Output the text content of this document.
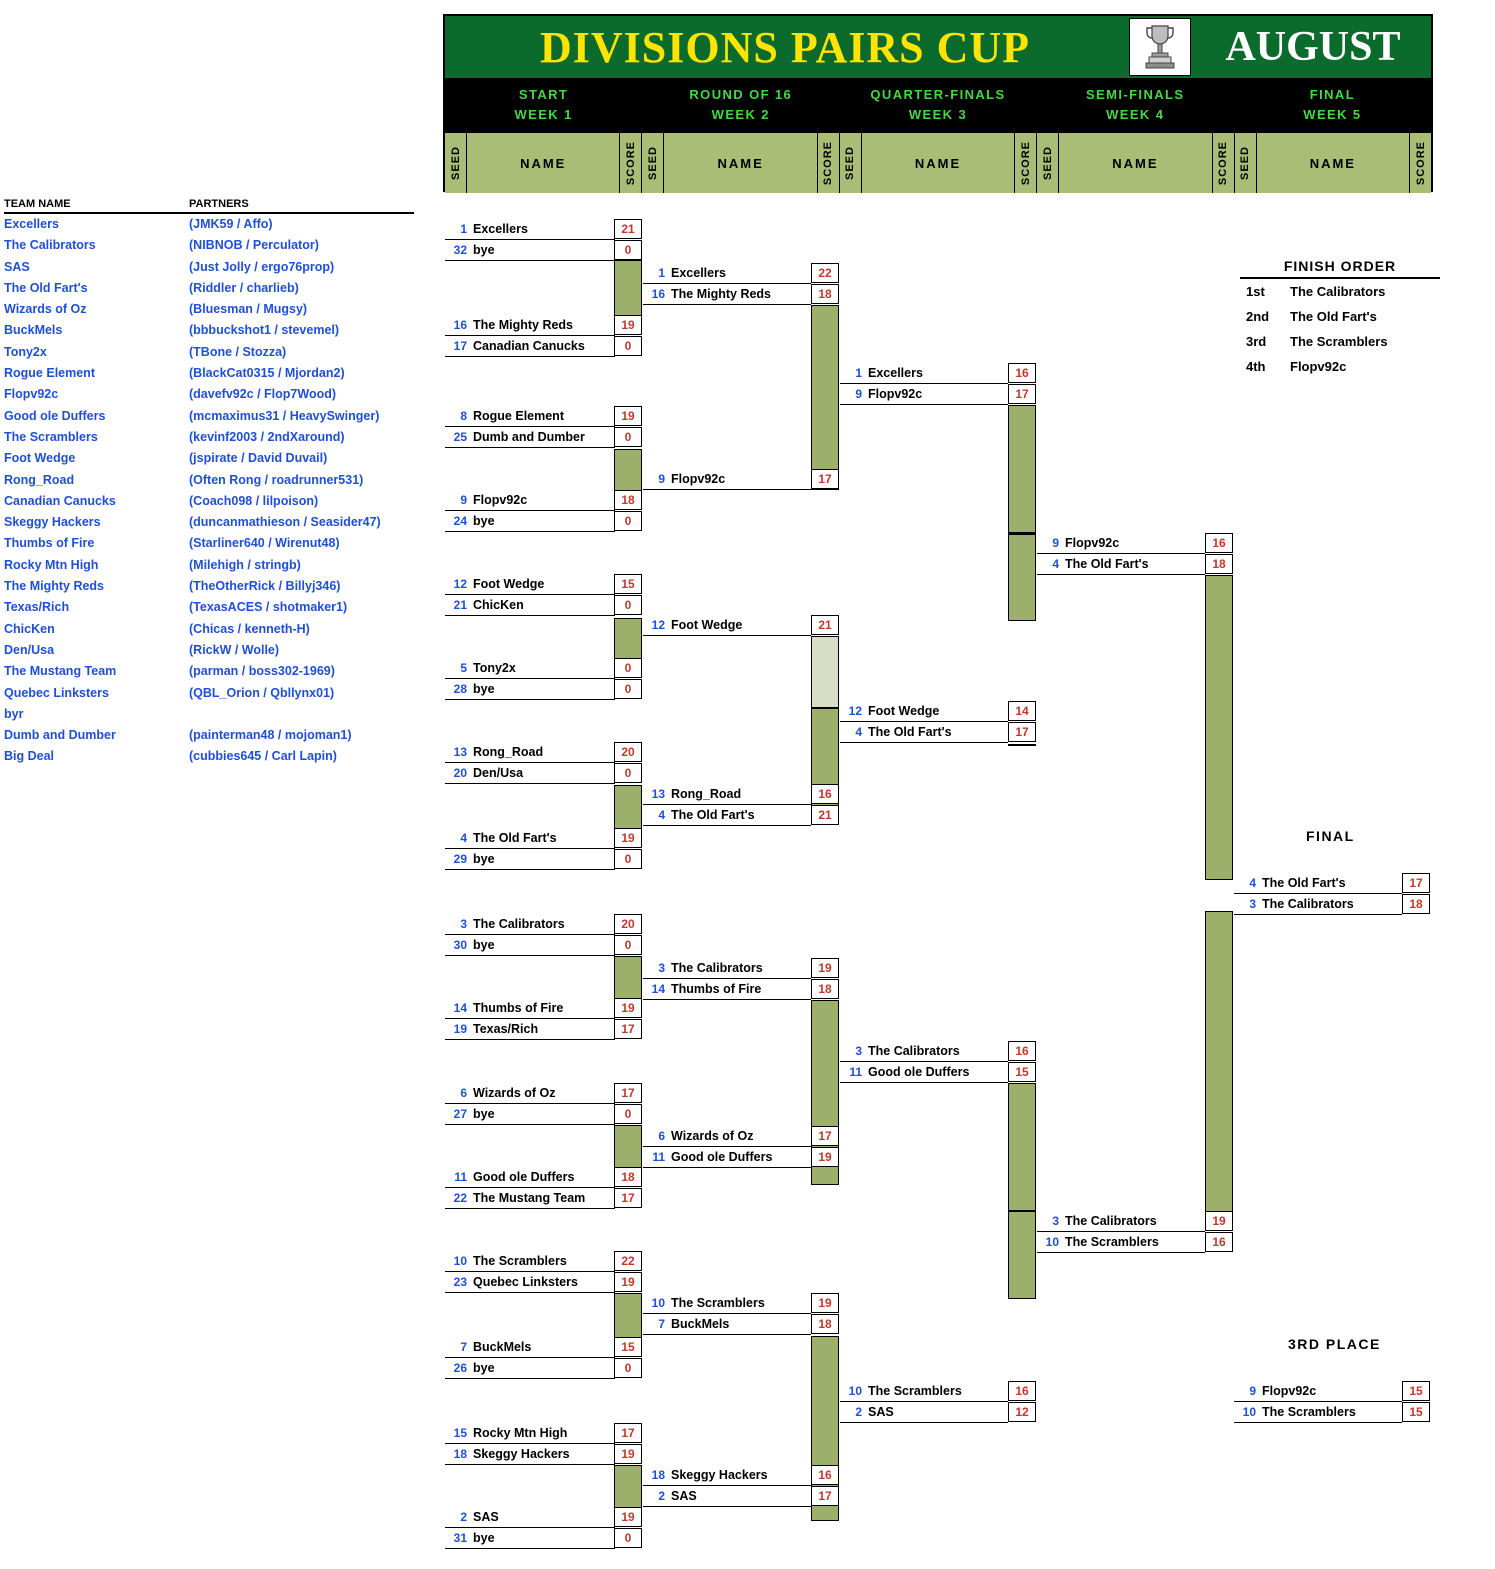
DIVISIONS PAIRS CUP	AUGUST
START
WEEK 1
ROUND OF 16
WEEK 2
QUARTER-FINALS
WEEK 3
SEMI-FINALS
WEEK 4
FINAL
WEEK 5
SEED	NAME	SCORE SEED	NAME	SCORE SEED	NAME	SCORE SEED	NAME	SCORE SEED	NAME	SCORE
TEAM NAME	PARTNERS
Excellers	(JMK59 / Affo)
The Calibrators	(NIBNOB / Perculator)
SAS	(Just Jolly / ergo76prop)
The Old Fart's	(Riddler / charlieb)
Wizards of Oz	(Bluesman / Mugsy)
BuckMels	(bbbuckshot1 / stevemel)
Tony2x	(TBone / Stozza)
Rogue Element	(BlackCat0315 / Mjordan2)
Flopv92c	(davefv92c / Flop7Wood)
Good ole Duffers	(mcmaximus31 / HeavySwinger)
The Scramblers	(kevinf2003 / 2ndXaround)
Foot Wedge	(jspirate / David Duvail)
Rong_Road	(Often Rong / roadrunner531)
Canadian Canucks	(Coach098 / lilpoison)
Skeggy Hackers	(duncanmathieson / Seasider47)
Thumbs of Fire	(Starliner640 / Wirenut48)
Rocky Mtn High	(Milehigh / stringb)
The Mighty Reds	(TheOtherRick / Billyj346)
Texas/Rich	(TexasACES / shotmaker1)
ChicKen	(Chicas / kenneth-H)
Den/Usa	(RickW / Wolle)
The Mustang Team	(parman / boss302-1969)
Quebec Linksters	(QBL_Orion / Qbllynx01)
byr
Dumb and Dumber	(painterman48 / mojoman1)
Big Deal	(cubbies645 / Carl Lapin)
FINISH ORDER
1st	The Calibrators
2nd	The Old Fart's
3rd	The Scramblers
4th	Flopv92c
FINAL
3RD PLACE
1 Excellers	21
32 bye	0
16 The Mighty Reds	19
17 Canadian Canucks	0
8 Rogue Element	19
25 Dumb and Dumber	0
9 Flopv92c	18
24 bye	0
12 Foot Wedge	15
21 ChicKen	0
5 Tony2x	0
28 bye	0
13 Rong_Road	20
20 Den/Usa	0
4 The Old Fart's	19
29 bye	0
3 The Calibrators	20
30 bye	0
14 Thumbs of Fire	19
19 Texas/Rich	17
6 Wizards of Oz	17
27 bye	0
11 Good ole Duffers	18
22 The Mustang Team	17
10 The Scramblers	22
23 Quebec Linksters	19
7 BuckMels	15
26 bye	0
15 Rocky Mtn High	17
18 Skeggy Hackers	19
2 SAS	19
31 bye	0
1 Excellers	22
16 The Mighty Reds	18
9 Flopv92c	17
12 Foot Wedge	21
13 Rong_Road	16
4 The Old Fart's	21
3 The Calibrators	19
14 Thumbs of Fire	18
6 Wizards of Oz	17
11 Good ole Duffers	19
10 The Scramblers	19
7 BuckMels	18
18 Skeggy Hackers	16
2 SAS	17
1 Excellers	16
9 Flopv92c	17
12 Foot Wedge	14
4 The Old Fart's	17
3 The Calibrators	16
11 Good ole Duffers	15
10 The Scramblers	16
2 SAS	12
9 Flopv92c	16
4 The Old Fart's	18
3 The Calibrators	19
10 The Scramblers	16
4 The Old Fart's	17
3 The Calibrators	18
9 Flopv92c	15
10 The Scramblers	15
